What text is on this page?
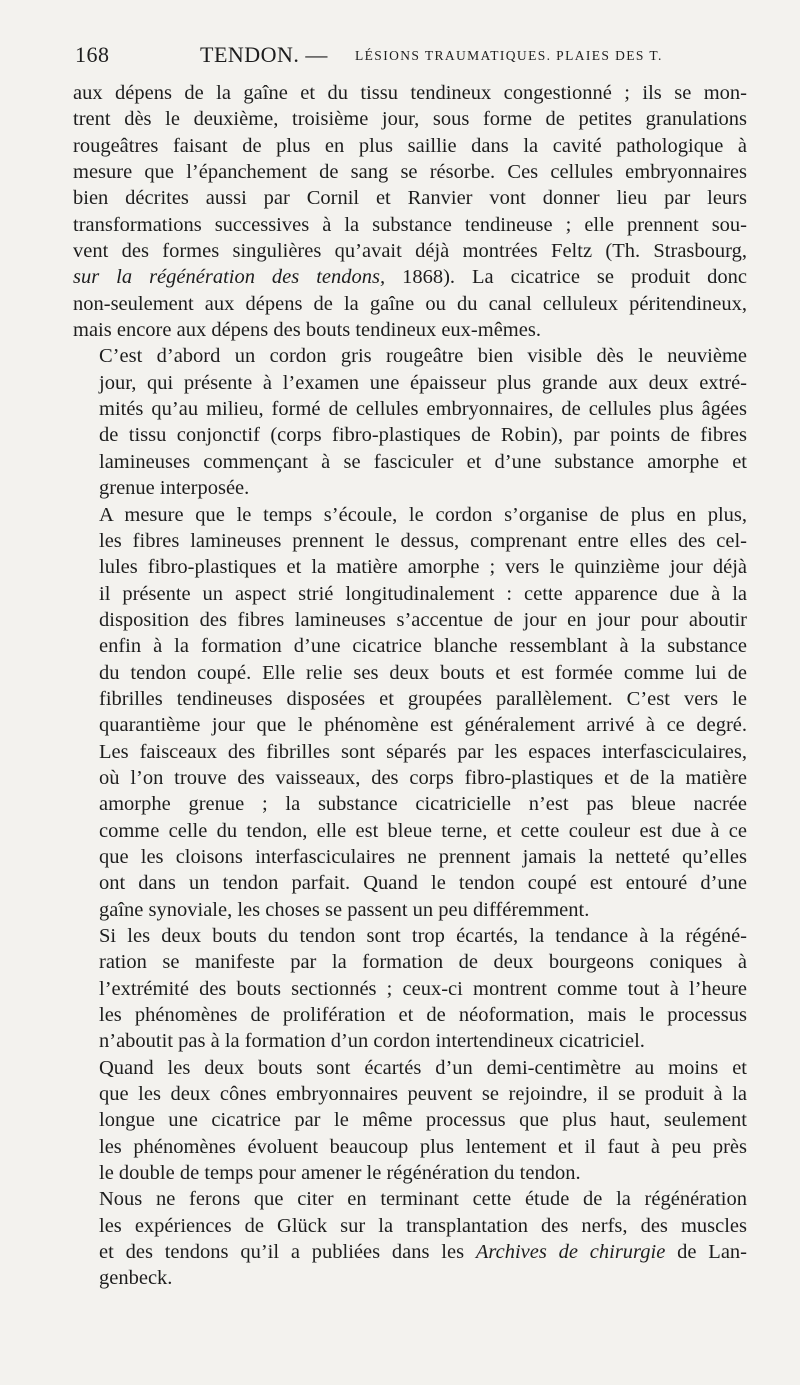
168	TENDON. — LÉSIONS TRAUMATIQUES. PLAIES DES T.

aux dépens de la gaîne et du tissu tendineux congestionné ; ils se mon-
trent dès le deuxième, troisième jour, sous forme de petites granulations
rougeâtres faisant de plus en plus saillie dans la cavité pathologique à
mesure que l’épanchement de sang se résorbe. Ces cellules embryonnaires
bien décrites aussi par Cornil et Ranvier vont donner lieu par leurs
transformations successives à la substance tendineuse ; elle prennent sou-
vent des formes singulières qu’avait déjà montrées Feltz (Th. Strasbourg,
sur la régénération des tendons, 1868). La cicatrice se produit donc
non-seulement aux dépens de la gaîne ou du canal celluleux péritendineux,
mais encore aux dépens des bouts tendineux eux-mêmes.

C’est d’abord un cordon gris rougeâtre bien visible dès le neuvième
jour, qui présente à l’examen une épaisseur plus grande aux deux extré-
mités qu’au milieu, formé de cellules embryonnaires, de cellules plus âgées
de tissu conjonctif (corps fibro-plastiques de Robin), par points de fibres
lamineuses commençant à se fasciculer et d’une substance amorphe et
grenue interposée.

A mesure que le temps s’écoule, le cordon s’organise de plus en plus,
les fibres lamineuses prennent le dessus, comprenant entre elles des cel-
lules fibro-plastiques et la matière amorphe ; vers le quinzième jour déjà
il présente un aspect strié longitudinalement : cette apparence due à la
disposition des fibres lamineuses s’accentue de jour en jour pour aboutir
enfin à la formation d’une cicatrice blanche ressemblant à la substance
du tendon coupé. Elle relie ses deux bouts et est formée comme lui de
fibrilles tendineuses disposées et groupées parallèlement. C’est vers le
quarantième jour que le phénomène est généralement arrivé à ce degré.
Les faisceaux des fibrilles sont séparés par les espaces interfasciculaires,
où l’on trouve des vaisseaux, des corps fibro-plastiques et de la matière
amorphe grenue ; la substance cicatricielle n’est pas bleue nacrée
comme celle du tendon, elle est bleue terne, et cette couleur est due à ce
que les cloisons interfasciculaires ne prennent jamais la netteté qu’elles
ont dans un tendon parfait. Quand le tendon coupé est entouré d’une
gaîne synoviale, les choses se passent un peu différemment.

Si les deux bouts du tendon sont trop écartés, la tendance à la régéné-
ration se manifeste par la formation de deux bourgeons coniques à
l’extrémité des bouts sectionnés ; ceux-ci montrent comme tout à l’heure
les phénomènes de prolifération et de néoformation, mais le processus
n’aboutit pas à la formation d’un cordon intertendineux cicatriciel.

Quand les deux bouts sont écartés d’un demi-centimètre au moins et
que les deux cônes embryonnaires peuvent se rejoindre, il se produit à la
longue une cicatrice par le même processus que plus haut, seulement
les phénomènes évoluent beaucoup plus lentement et il faut à peu près
le double de temps pour amener le régénération du tendon.

Nous ne ferons que citer en terminant cette étude de la régénération
les expériences de Glück sur la transplantation des nerfs, des muscles
et des tendons qu’il a publiées dans les Archives de chirurgie de Lan-
genbeck.
